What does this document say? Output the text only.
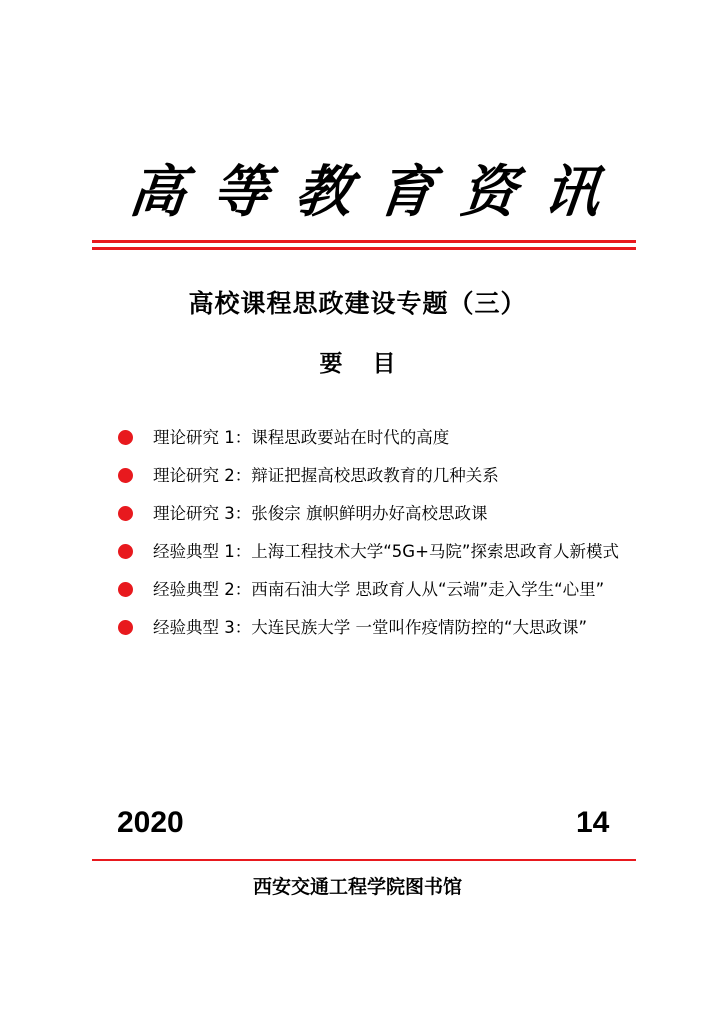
高 等 教 育 资 讯
高校课程思政建设专题（三）
要目
理论研究 1：课程思政要站在时代的高度
理论研究 2：辩证把握高校思政教育的几种关系
理论研究 3：张俊宗 旗帜鲜明办好高校思政课
经验典型 1：上海工程技术大学“5G+马院”探索思政育人新模式
经验典型 2：西南石油大学 思政育人从“云端”走入学生“心里”
经验典型 3：大连民族大学 一堂叫作疫情防控的“大思政课”
2020	14
西安交通工程学院图书馆
